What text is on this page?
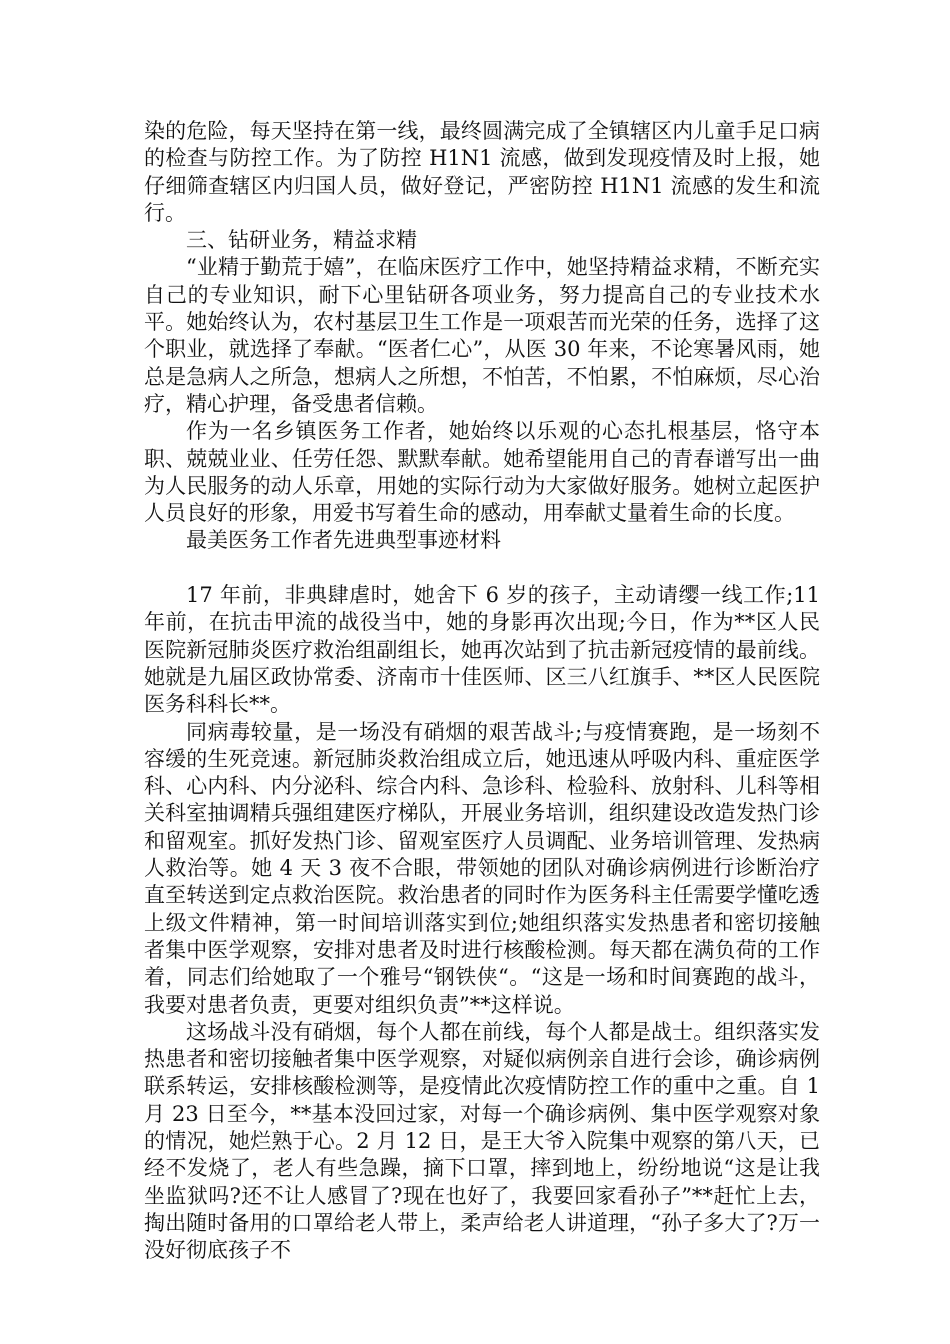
染的危险，每天坚持在第一线，最终圆满完成了全镇辖区内儿童手足口病的检查与防控工作。为了防控 H1N1 流感，做到发现疫情及时上报，她仔细筛查辖区内归国人员，做好登记，严密防控 H1N1 流感的发生和流行。

三、钻研业务，精益求精

“业精于勤荒于嬉”，在临床医疗工作中，她坚持精益求精，不断充实自己的专业知识，耐下心里钻研各项业务，努力提高自己的专业技术水平。她始终认为，农村基层卫生工作是一项艰苦而光荣的任务，选择了这个职业，就选择了奉献。“医者仁心”，从医 30 年来，不论寒暑风雨，她总是急病人之所急，想病人之所想，不怕苦，不怕累，不怕麻烦，尽心治疗，精心护理，备受患者信赖。

作为一名乡镇医务工作者，她始终以乐观的心态扎根基层，恪守本职、兢兢业业、任劳任怨、默默奉献。她希望能用自己的青春谱写出一曲为人民服务的动人乐章，用她的实际行动为大家做好服务。她树立起医护人员良好的形象，用爱书写着生命的感动，用奉献丈量着生命的长度。

最美医务工作者先进典型事迹材料

17 年前，非典肆虐时，她舍下 6 岁的孩子，主动请缨一线工作;11 年前，在抗击甲流的战役当中，她的身影再次出现;今日，作为**区人民医院新冠肺炎医疗救治组副组长，她再次站到了抗击新冠疫情的最前线。她就是九届区政协常委、济南市十佳医师、区三八红旗手、**区人民医院医务科科长**。

同病毒较量，是一场没有硝烟的艰苦战斗;与疫情赛跑，是一场刻不容缓的生死竞速。新冠肺炎救治组成立后，她迅速从呼吸内科、重症医学科、心内科、内分泌科、综合内科、急诊科、检验科、放射科、儿科等相关科室抽调精兵强组建医疗梯队，开展业务培训，组织建设改造发热门诊和留观室。抓好发热门诊、留观室医疗人员调配、业务培训管理、发热病人救治等。她 4 天 3 夜不合眼，带领她的团队对确诊病例进行诊断治疗直至转送到定点救治医院。救治患者的同时作为医务科主任需要学懂吃透上级文件精神，第一时间培训落实到位;她组织落实发热患者和密切接触者集中医学观察，安排对患者及时进行核酸检测。每天都在满负荷的工作着，同志们给她取了一个雅号“钢铁侠“。“这是一场和时间赛跑的战斗，我要对患者负责，更要对组织负责”**这样说。

这场战斗没有硝烟，每个人都在前线，每个人都是战士。组织落实发热患者和密切接触者集中医学观察，对疑似病例亲自进行会诊，确诊病例联系转运，安排核酸检测等，是疫情此次疫情防控工作的重中之重。自 1 月 23 日至今，**基本没回过家，对每一个确诊病例、集中医学观察对象的情况，她烂熟于心。2 月 12 日，是王大爷入院集中观察的第八天，已经不发烧了，老人有些急躁，摘下口罩，摔到地上，纷纷地说“这是让我坐监狱吗?还不让人感冒了?现在也好了，我要回家看孙子”**赶忙上去，掏出随时备用的口罩给老人带上，柔声给老人讲道理，“孙子多大了?万一没好彻底孩子不
